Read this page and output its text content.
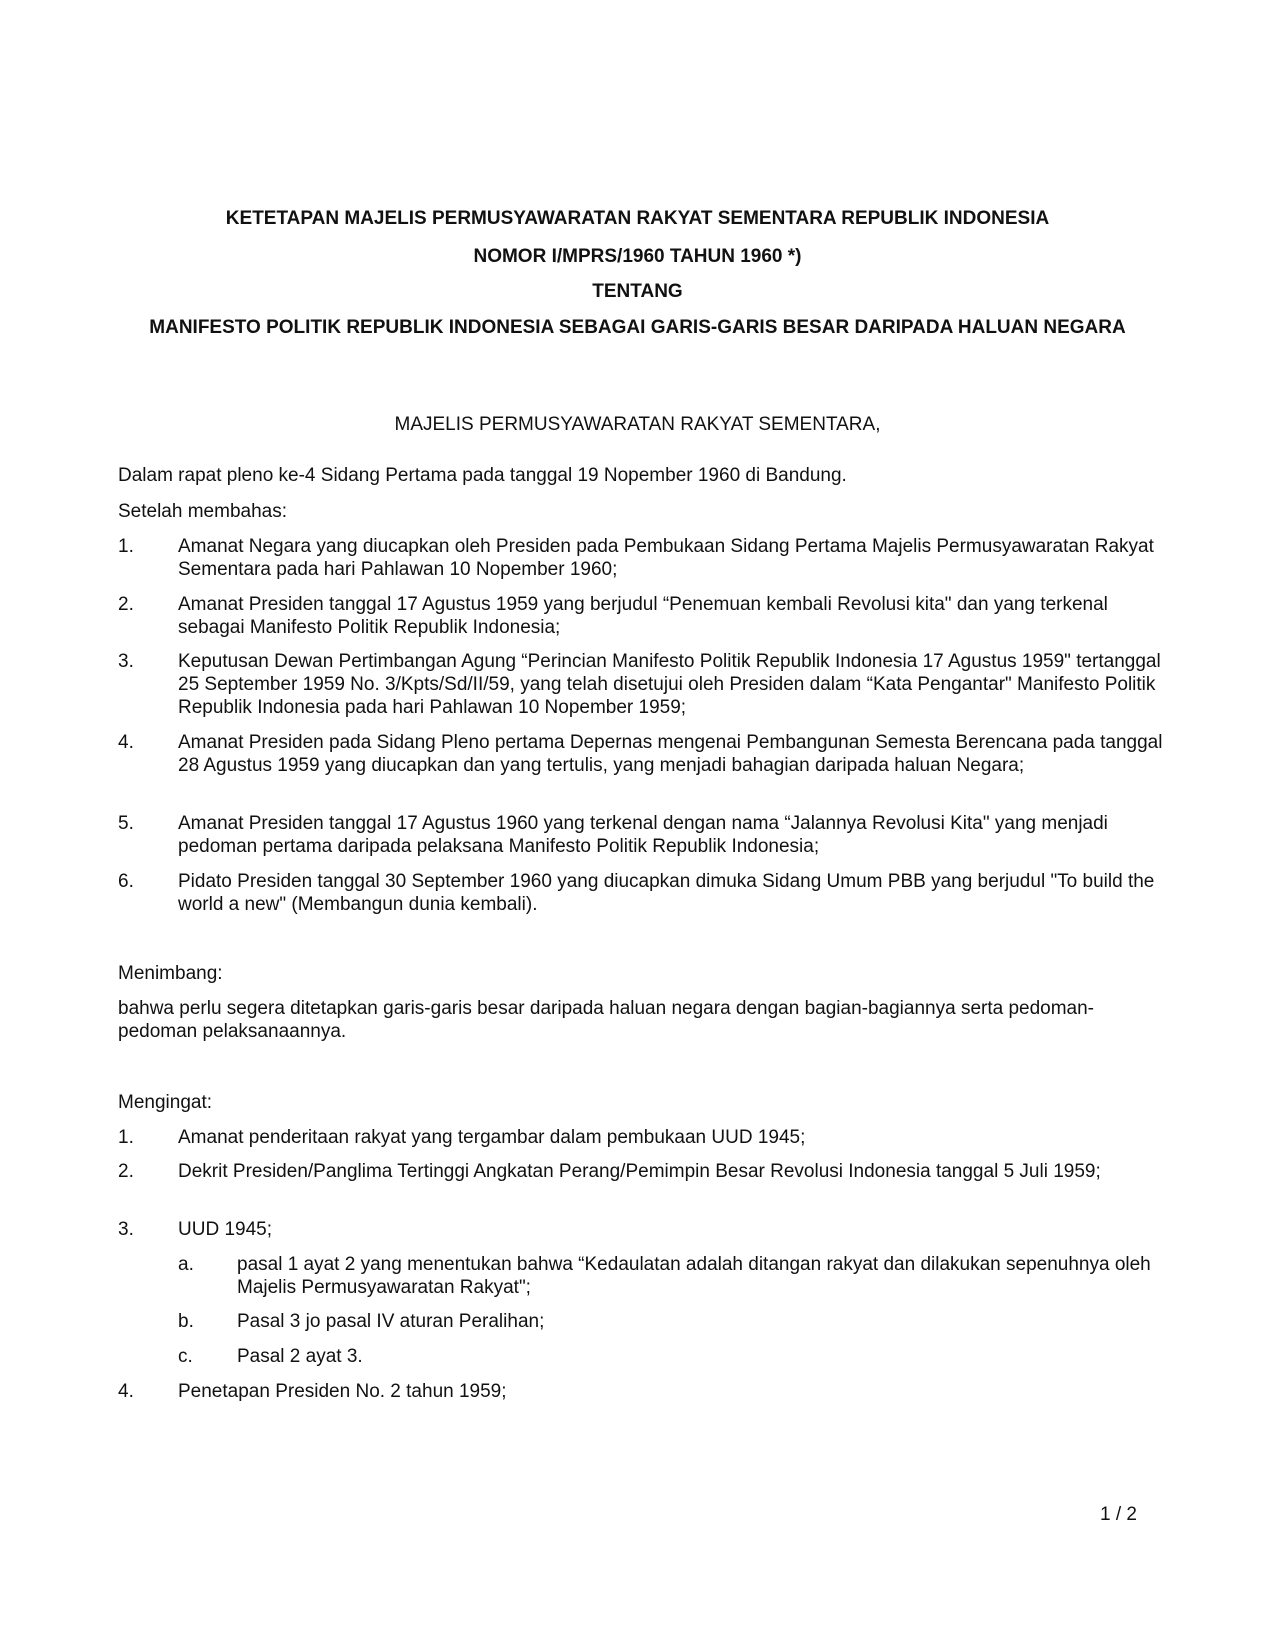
KETETAPAN MAJELIS PERMUSYAWARATAN RAKYAT SEMENTARA REPUBLIK INDONESIA
NOMOR I/MPRS/1960 TAHUN 1960 *)
TENTANG
MANIFESTO POLITIK REPUBLIK INDONESIA SEBAGAI GARIS-GARIS BESAR DARIPADA HALUAN NEGARA
MAJELIS PERMUSYAWARATAN RAKYAT SEMENTARA,
Dalam rapat pleno ke-4 Sidang Pertama pada tanggal 19 Nopember 1960 di Bandung.
Setelah membahas:
1. Amanat Negara yang diucapkan oleh Presiden pada Pembukaan Sidang Pertama Majelis Permusyawaratan Rakyat Sementara pada hari Pahlawan 10 Nopember 1960;
2. Amanat Presiden tanggal 17 Agustus 1959 yang berjudul “Penemuan kembali Revolusi kita" dan yang terkenal sebagai Manifesto Politik Republik Indonesia;
3. Keputusan Dewan Pertimbangan Agung “Perincian Manifesto Politik Republik Indonesia 17 Agustus 1959" tertanggal 25 September 1959 No. 3/Kpts/Sd/II/59, yang telah disetujui oleh Presiden dalam “Kata Pengantar" Manifesto Politik Republik Indonesia pada hari Pahlawan 10 Nopember 1959;
4. Amanat Presiden pada Sidang Pleno pertama Depernas mengenai Pembangunan Semesta Berencana pada tanggal 28 Agustus 1959 yang diucapkan dan yang tertulis, yang menjadi bahagian daripada haluan Negara;
5. Amanat Presiden tanggal 17 Agustus 1960 yang terkenal dengan nama “Jalannya Revolusi Kita" yang menjadi pedoman pertama daripada pelaksana Manifesto Politik Republik Indonesia;
6. Pidato Presiden tanggal 30 September 1960 yang diucapkan dimuka Sidang Umum PBB yang berjudul "To build the world a new" (Membangun dunia kembali).
Menimbang:
bahwa perlu segera ditetapkan garis-garis besar daripada haluan negara dengan bagian-bagiannya serta pedoman-pedoman pelaksanaannya.
Mengingat:
1. Amanat penderitaan rakyat yang tergambar dalam pembukaan UUD 1945;
2. Dekrit Presiden/Panglima Tertinggi Angkatan Perang/Pemimpin Besar Revolusi Indonesia tanggal 5 Juli 1959;
3. UUD 1945;
a. pasal 1 ayat 2 yang menentukan bahwa “Kedaulatan adalah ditangan rakyat dan dilakukan sepenuhnya oleh Majelis Permusyawaratan Rakyat";
b. Pasal 3 jo pasal IV aturan Peralihan;
c. Pasal 2 ayat 3.
4. Penetapan Presiden No. 2 tahun 1959;
1 / 2
